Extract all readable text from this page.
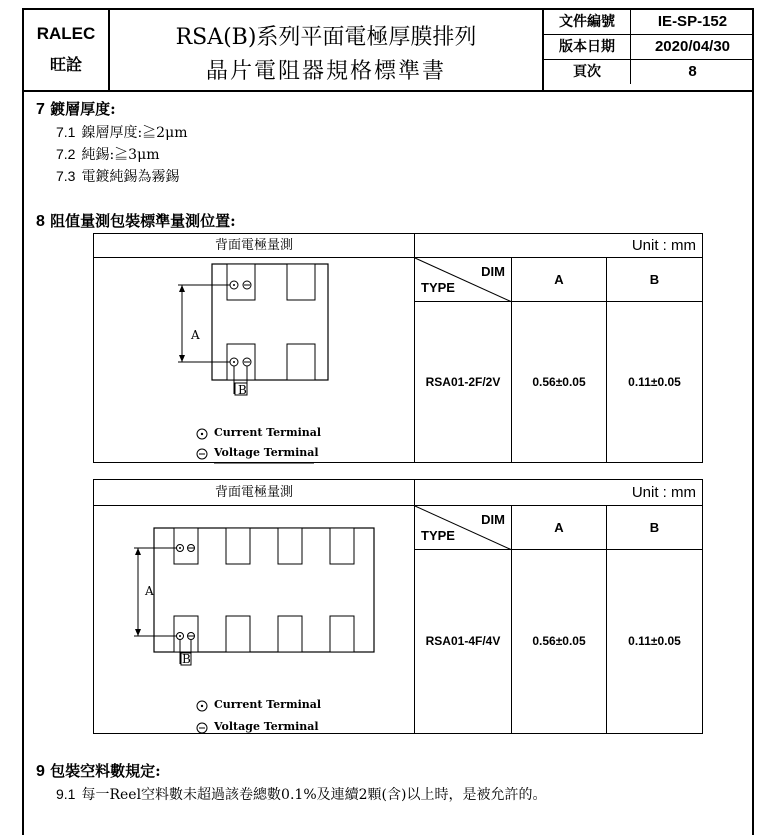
RALEC
旺詮
RSA(B)系列平面電極厚膜排列
晶片電阻器規格標準書
文件編號	IE-SP-152
版本日期	2020/04/30
頁次	8
7 鍍層厚度:
7.1 鎳層厚度:≧2μm
7.2 純錫:≧3μm
7.3 電鍍純錫為霧錫
8 阻值量測包裝標準量測位置:
背面電極量測	Unit : mm
A
B
Current Terminal
Voltage Terminal
DIM
TYPE
A	B
RSA01-2F/2V	0.56±0.05	0.11±0.05
背面電極量測	Unit : mm
A
B
Current Terminal
Voltage Terminal
DIM
TYPE
A	B
RSA01-4F/4V	0.56±0.05	0.11±0.05
9 包裝空料數規定:
9.1 每一Reel空料數未超過該卷總數0.1%及連續2顆(含)以上時，是被允許的。
